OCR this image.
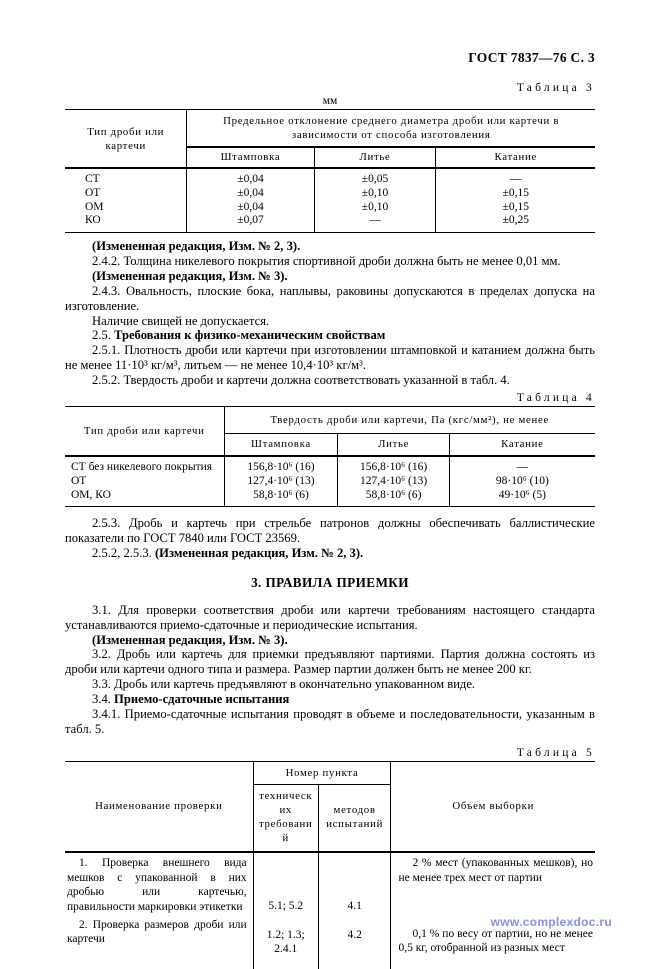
ГОСТ 7837—76 С. 3
Таблица 3
мм
Тип дроби или картечи	Предельное отклонение среднего диаметра дроби или картечи в зависимости от способа изготовления		
	Штамповка	Литье	Катание
СТ	±0,04	±0,05	—
ОТ	±0,04	±0,10	±0,15
ОМ	±0,04	±0,10	±0,15
КО	±0,07	—	±0,25

(Измененная редакция, Изм. № 2, 3).

2.4.2. Толщина никелевого покрытия спортивной дроби должна быть не менее 0,01 мм.

(Измененная редакция, Изм. № 3).

2.4.3. Овальность, плоские бока, наплывы, раковины допускаются в пределах допуска на изготовление.

Наличие свищей не допускается.

2.5. Требования к физико-механическим свойствам

2.5.1. Плотность дроби или картечи при изготовлении штамповкой и катанием должна быть не менее 11·10³ кг/м³, литьем — не менее 10,4·10³ кг/м³.

2.5.2. Твердость дроби и картечи должна соответствовать указанной в табл. 4.

Таблица 4
Тип дроби или картечи	Твердость дроби или картечи, Па (кгс/мм²), не менее		
	Штамповка	Литье	Катание
СТ без никелевого покрытия	156,8·10⁶ (16)	156,8·10⁶ (16)	—
ОТ	127,4·10⁶ (13)	127,4·10⁶ (13)	98·10⁶ (10)
ОМ, КО	58,8·10⁶ (6)	58,8·10⁶ (6)	49·10⁶ (5)

2.5.3. Дробь и картечь при стрельбе патронов должны обеспечивать баллистические показатели по ГОСТ 7840 или ГОСТ 23569.

2.5.2, 2.5.3. (Измененная редакция, Изм. № 2, 3).

3. ПРАВИЛА ПРИЕМКИ

3.1. Для проверки соответствия дроби или картечи требованиям настоящего стандарта устанавливаются приемо-сдаточные и периодические испытания.

(Измененная редакция, Изм. № 3).

3.2. Дробь или картечь для приемки предъявляют партиями. Партия должна состоять из дроби или картечи одного типа и размера. Размер партии должен быть не менее 200 кг.

3.3. Дробь или картечь предъявляют в окончательно упакованном виде.

3.4. Приемо-сдаточные испытания

3.4.1. Приемо-сдаточные испытания проводят в объеме и последовательности, указанным в табл. 5.

Таблица 5
Наименование проверки	Номер пункта		Объем выборки
	технических требований	методов испытаний	
1. Проверка внешнего вида мешков с упакованной в них дробью или картечью, правильности маркировки этикетки	5.1; 5.2	4.1	2 % мест (упакованных мешков), но не менее трех мест от партии
2. Проверка размеров дроби или картечи	1.2; 1.3; 2.4.1	4.2	0,1 % по весу от партии, но не менее 0,5 кг, отобранной из разных мест
www.complexdoc.ru
